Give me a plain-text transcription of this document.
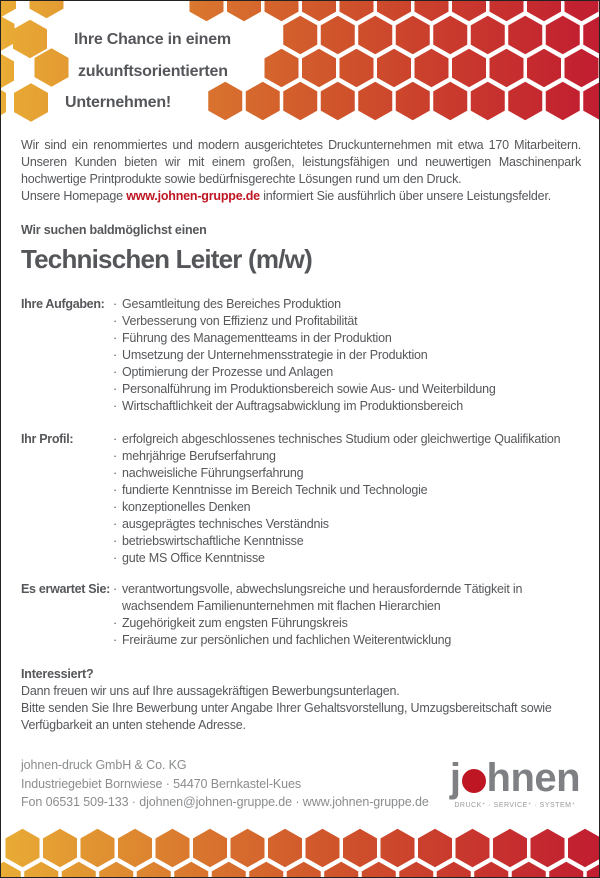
Ihre Chance in einem
zukunftsorientierten
Unternehmen!

Wir sind ein renommiertes und modern ausgerichtetes Druckunternehmen mit etwa 170 Mitarbeitern. Unseren Kunden bieten wir mit einem großen, leistungsfähigen und neuwertigen Maschinenpark hochwertige Printprodukte sowie bedürfnisgerechte Lösungen rund um den Druck.

Unsere Homepage www.johnen-gruppe.de informiert Sie ausführlich über unsere Leistungsfelder.
Wir suchen baldmöglichst einen
Technischen Leiter (m/w)
Ihre Aufgaben:	· Gesamtleitung des Bereiches Produktion
· Verbesserung von Effizienz und Profitabilität
· Führung des Managementteams in der Produktion
· Umsetzung der Unternehmensstrategie in der Produktion
· Optimierung der Prozesse und Anlagen
· Personalführung im Produktionsbereich sowie Aus- und Weiterbildung
· Wirtschaftlichkeit der Auftragsabwicklung im Produktionsbereich
Ihr Profil:	· erfolgreich abgeschlossenes technisches Studium oder gleichwertige Qualifikation
· mehrjährige Berufserfahrung
· nachweisliche Führungserfahrung
· fundierte Kenntnisse im Bereich Technik und Technologie
· konzeptionelles Denken
· ausgeprägtes technisches Verständnis
· betriebswirtschaftliche Kenntnisse
· gute MS Office Kenntnisse
Es erwartet Sie: · verantwortungsvolle, abwechslungsreiche und herausfordernde Tätigkeit in wachsendem Familienunternehmen mit flachen Hierarchien
· Zugehörigkeit zum engsten Führungskreis
· Freiräume zur persönlichen und fachlichen Weiterentwicklung
Interessiert?

Dann freuen wir uns auf Ihre aussagekräftigen Bewerbungsunterlagen.

Bitte senden Sie Ihre Bewerbung unter Angabe Ihrer Gehaltsvorstellung, Umzugsbereitschaft sowie Verfügbarkeit an unten stehende Adresse.

johnen-druck GmbH & Co. KG
Industriegebiet Bornwiese · 54470 Bernkastel-Kues
Fon 06531 509-133 · djohnen@johnen-gruppe.de · www.johnen-gruppe.de
j hnen
DRUCK⁺ · SERVICE⁺ · SYSTEM⁺
